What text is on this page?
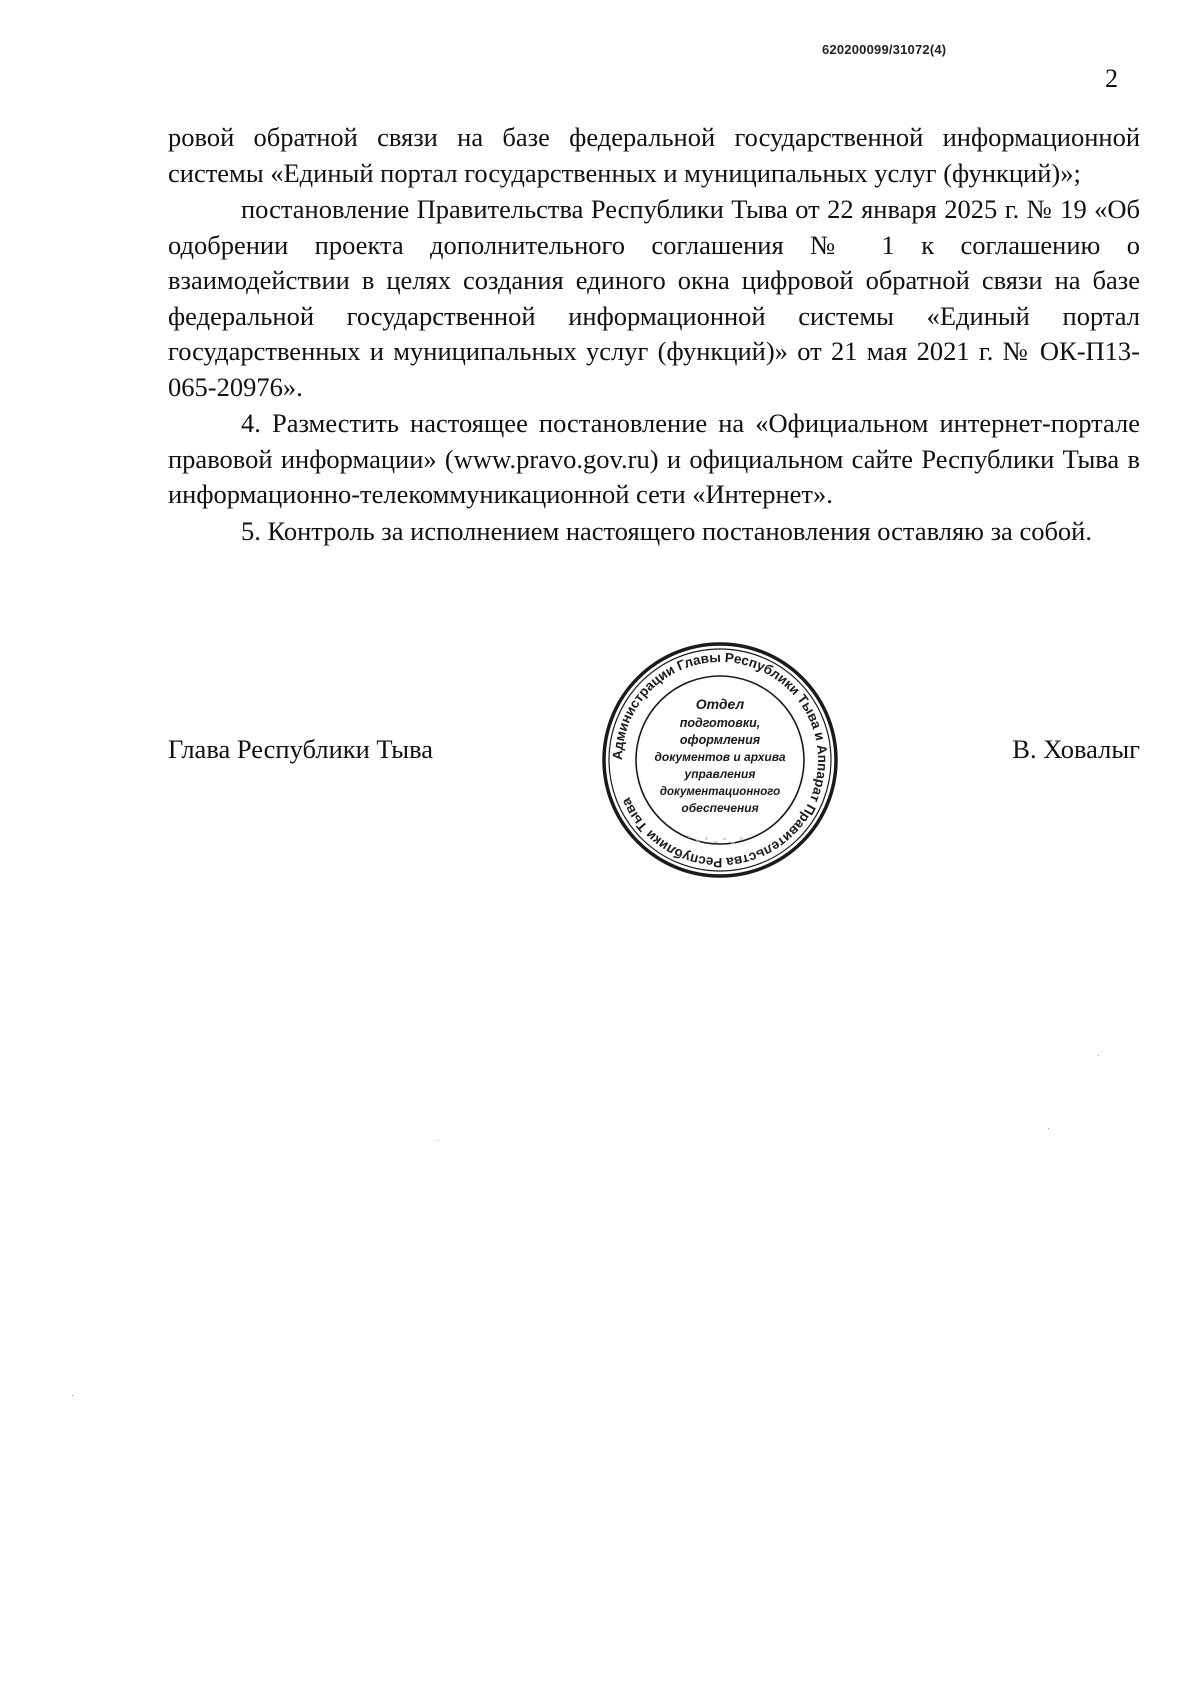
620200099/31072(4)
2

ровой обратной связи на базе федеральной государственной информационной системы «Единый портал государственных и муниципальных услуг (функций)»;

постановление Правительства Республики Тыва от 22 января 2025 г. № 19 «Об одобрении проекта дополнительного соглашения № 1 к соглашению о взаимодействии в целях создания единого окна цифровой обратной связи на базе федеральной государственной информационной системы «Единый портал государственных и муниципальных услуг (функций)» от 21 мая 2021 г. № ОК-П13-065-20976».

4. Разместить настоящее постановление на «Официальном интернет-портале правовой информации» (www.pravo.gov.ru) и официальном сайте Республики Тыва в информационно-телекоммуникационной сети «Интернет».

5. Контроль за исполнением настоящего постановления оставляю за собой.

Глава Республики Тыва	В. Ховалыг
Администрации Главы Республики Тыва и Аппарат Правительства Республики Тыва
Отдел
подготовки,
оформления
документов и архива
управления
документационного
обеспечения
